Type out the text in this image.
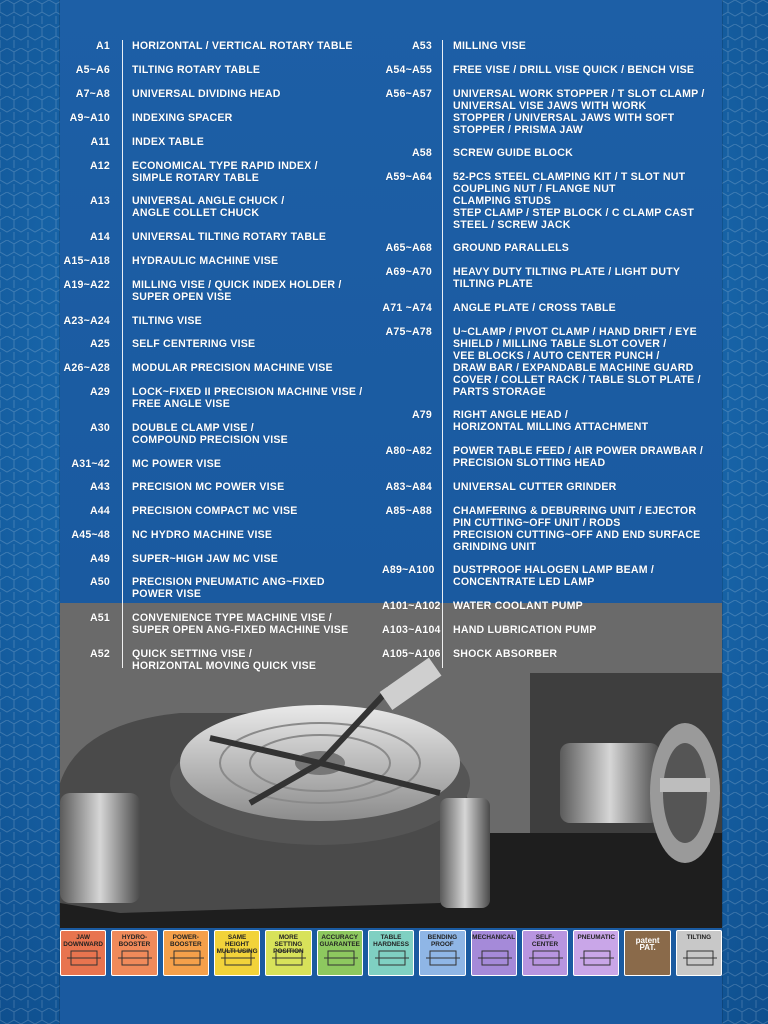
A1 HORIZONTAL / VERTICAL ROTARY TABLE
A5~A6 TILTING ROTARY TABLE
A7~A8 UNIVERSAL DIVIDING HEAD
A9~A10 INDEXING SPACER
A11 INDEX TABLE
A12 ECONOMICAL TYPE RAPID INDEX /
SIMPLE ROTARY TABLE
A13 UNIVERSAL ANGLE CHUCK /
ANGLE COLLET CHUCK
A14 UNIVERSAL TILTING ROTARY TABLE
A15~A18 HYDRAULIC MACHINE VISE
A19~A22 MILLING VISE / QUICK INDEX HOLDER /
SUPER OPEN VISE
A23~A24 TILTING VISE
A25 SELF CENTERING VISE
A26~A28 MODULAR PRECISION MACHINE VISE
A29 LOCK~FIXED II PRECISION MACHINE VISE /
FREE ANGLE VISE
A30 DOUBLE CLAMP VISE /
COMPOUND PRECISION VISE
A31~42 MC POWER VISE
A43 PRECISION MC POWER VISE
A44 PRECISION COMPACT MC VISE
A45~48 NC HYDRO MACHINE VISE
A49 SUPER~HIGH JAW MC VISE
A50 PRECISION PNEUMATIC ANG~FIXED
POWER VISE
A51 CONVENIENCE TYPE MACHINE VISE /
SUPER OPEN ANG-FIXED MACHINE VISE
A52 QUICK SETTING VISE /
HORIZONTAL MOVING QUICK VISE
A53 MILLING VISE
A54~A55 FREE VISE / DRILL VISE QUICK / BENCH VISE
A56~A57 UNIVERSAL WORK STOPPER / T SLOT CLAMP /
UNIVERSAL VISE JAWS WITH WORK
STOPPER / UNIVERSAL JAWS WITH SOFT
STOPPER / PRISMA JAW
A58 SCREW GUIDE BLOCK
A59~A64 52-PCS STEEL CLAMPING KIT / T SLOT NUT
COUPLING NUT / FLANGE NUT
CLAMPING STUDS
STEP CLAMP / STEP BLOCK / C CLAMP CAST
STEEL / SCREW JACK
A65~A68 GROUND PARALLELS
A69~A70 HEAVY DUTY TILTING PLATE / LIGHT DUTY
TILTING PLATE
A71 ~A74 ANGLE PLATE / CROSS TABLE
A75~A78 U~CLAMP / PIVOT CLAMP / HAND DRIFT / EYE
SHIELD / MILLING TABLE SLOT COVER /
VEE BLOCKS / AUTO CENTER PUNCH /
DRAW BAR / EXPANDABLE MACHINE GUARD
COVER / COLLET RACK / TABLE SLOT PLATE /
PARTS STORAGE
A79 RIGHT ANGLE HEAD /
HORIZONTAL MILLING ATTACHMENT
A80~A82 POWER TABLE FEED / AIR POWER DRAWBAR /
PRECISION SLOTTING HEAD
A83~A84 UNIVERSAL CUTTER GRINDER
A85~A88 CHAMFERING & DEBURRING UNIT / EJECTOR
PIN CUTTING~OFF UNIT / RODS
PRECISION CUTTING~OFF AND END SURFACE
GRINDING UNIT
A89~A100 DUSTPROOF HALOGEN LAMP BEAM /
CONCENTRATE LED LAMP
A101~A102 WATER COOLANT PUMP
A103~A104 HAND LUBRICATION PUMP
A105~A106 SHOCK ABSORBER
JAW
DOWNWARD
HYDRO-
BOOSTER
POWER-
BOOSTER
SAME HEIGHT
MULTI USING
MORE SETTING
POSITION
ACCURACY
GUARANTEE
TABLE
HARDNESS
BENDING
PROOF
MECHANICAL	SELF-
CENTER
PNEUMATIC	patent
PAT.
TILTING
